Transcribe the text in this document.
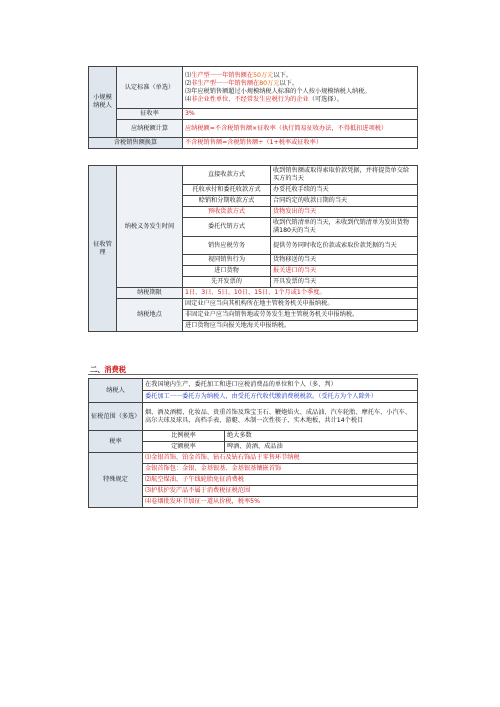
小规模纳税人	认定标准（单选）	⑴生产型一一年销售额在50万元以下。
⑵非生产型一一年销售额在80万元以下。
⑶年应税销售额超过小规模纳税人标准的个人按小规模纳税人纳税。
⑷非企业性单位、不经常发生应税行为的企业（可选择）。

	征收率	3%
	应纳税额计算	应纳税额=不含税销售额×征收率（执行简易征收办法，不得抵扣进项税）

含税销售额换算		不含税销售额=含税销售额÷（1+税率或征收率）
征收管理	纳税义务发生时间	直接收款方式	收到销售额或取得索取价款凭据，并将提货单交给买方的当天
		托收承付和委托收款方式	办妥托收手续的当天
		赊销和分期收款方式	合同约定的收款日期的当天
		预收货款方式	货物发出的当天
		委托代销方式	收到代销清单的当天，未收到代销清单为发出货物满180天的当天
		销售应税劳务	提供劳务同时收讫价款或索取价款凭据的当天
		视同销售行为	货物移送的当天
		进口货物	报关进口的当天
		先开发票的	开具发票的当天
	纳税期限	1日、3日、5日、10日、15日、1个月或1个季度。	
	纳税地点	固定业户应当向其机构所在地主管税务机关申报纳税。	
		非固定业户应当向销售地或劳务发生地主管税务机关申报纳税。	
		进口货物应当向报关地海关申报纳税。	
二、消费税
纳税人	在我国境内生产、委托加工和进口应税消费品的单位和个人（多、判）	
	委托加工一一委托方为纳税人，由受托方代收代缴消费税税款。（受托方为个人除外）	
征税范围（多选）	烟、酒及酒精、化妆品、贵重首饰及珠宝玉石、鞭炮焰火、成品油、汽车轮胎、摩托车、小汽车、高尔夫球及球具、高档手表、游艇、木制一次性筷子、实木地板，共计14个税目	
税率	比例税率	绝大多数
	定额税率	啤酒、黄酒、成品油
特殊规定	⑴金银首饰、铂金首饰、钻石及钻石饰品于零售环节纳税	
	金银首饰包：金银、金基银基、金基银基镶嵌首饰	
	⑵航空煤油、子午线轮胎免征消费税	
	⑶护肤护发产品不属于消费税征税范围	
	⑷卷烟批发环节加征一道从价税，税率5%	
